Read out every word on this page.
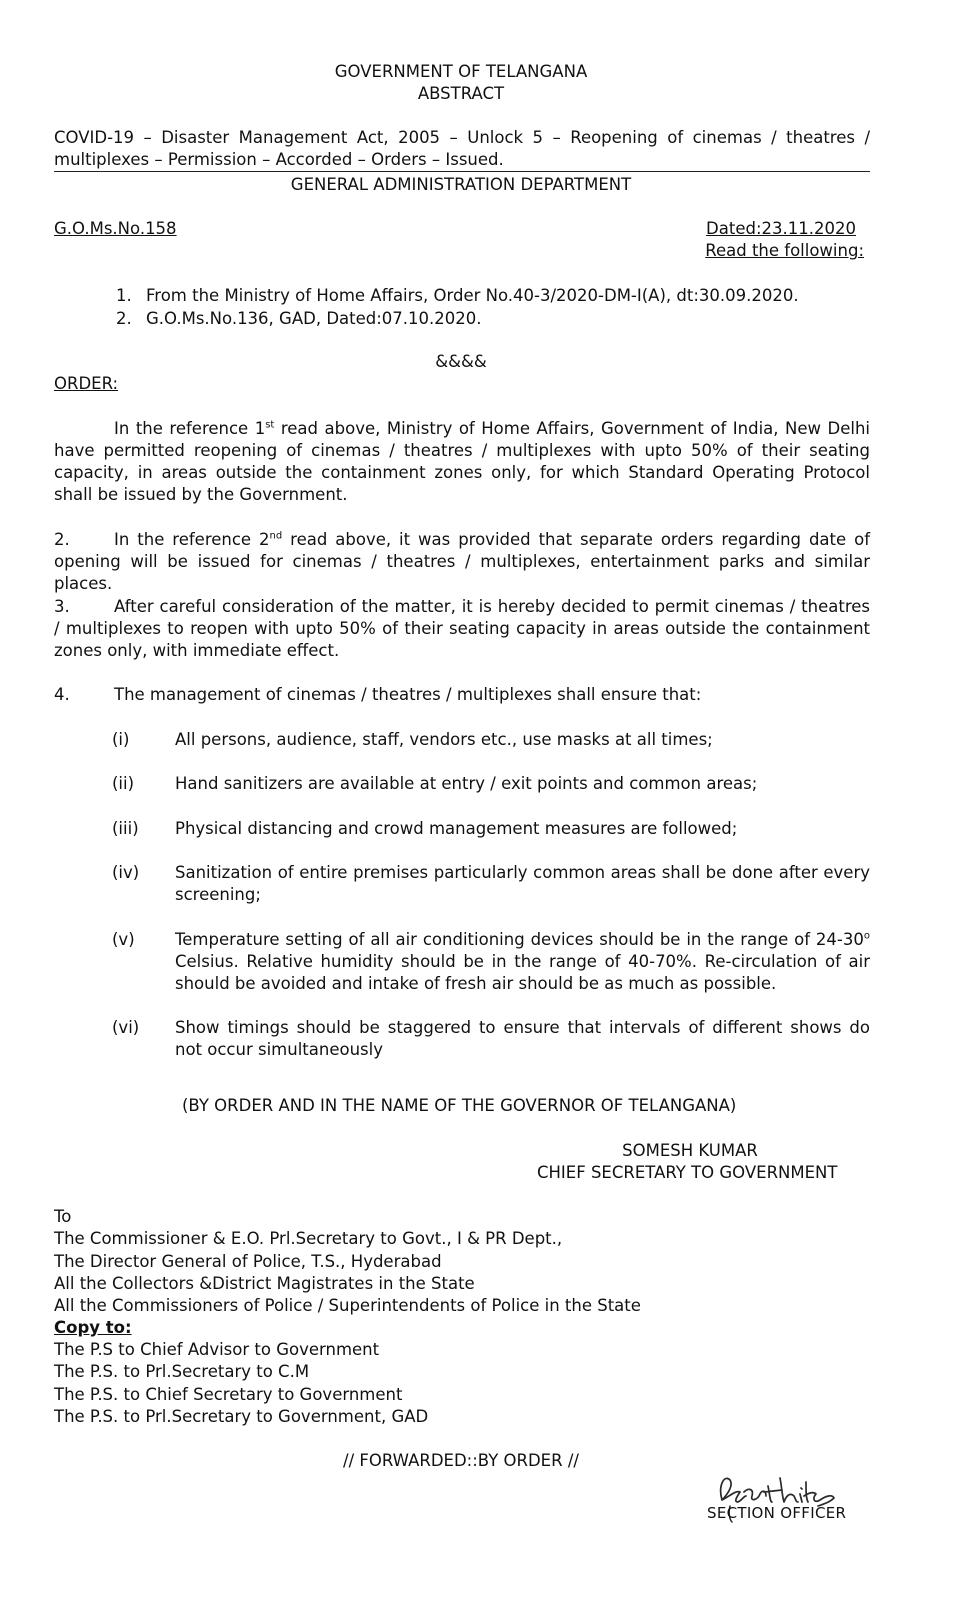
GOVERNMENT OF TELANGANA
ABSTRACT
COVID-19 – Disaster Management Act, 2005 – Unlock 5 – Reopening of cinemas / theatres /
multiplexes – Permission – Accorded – Orders – Issued.
GENERAL ADMINISTRATION DEPARTMENT
G.O.Ms.No.158	Dated:23.11.2020
Read the following:
1. From the Ministry of Home Affairs, Order No.40-3/2020-DM-I(A), dt:30.09.2020.
2. G.O.Ms.No.136, GAD, Dated:07.10.2020.
&&&&
ORDER:
In the reference 1st read above, Ministry of Home Affairs, Government of India, New Delhi have permitted reopening of cinemas / theatres / multiplexes with upto 50% of their seating capacity, in areas outside the containment zones only, for which Standard Operating Protocol shall be issued by the Government.
2.	In the reference 2nd read above, it was provided that separate orders regarding date of opening will be issued for cinemas / theatres / multiplexes, entertainment parks and similar places.
3.	After careful consideration of the matter, it is hereby decided to permit cinemas / theatres / multiplexes to reopen with upto 50% of their seating capacity in areas outside the containment zones only, with immediate effect.
4.	The management of cinemas / theatres / multiplexes shall ensure that:
(i)	All persons, audience, staff, vendors etc., use masks at all times;
(ii) Hand sanitizers are available at entry / exit points and common areas;
(iii) Physical distancing and crowd management measures are followed;
(iv) Sanitization of entire premises particularly common areas shall be done after every screening;
(v) Temperature setting of all air conditioning devices should be in the range of 24-30$^o$ Celsius. Relative humidity should be in the range of 40-70%. Re-circulation of air should be avoided and intake of fresh air should be as much as possible.
(vi) Show timings should be staggered to ensure that intervals of different shows do not occur simultaneously
(BY ORDER AND IN THE NAME OF THE GOVERNOR OF TELANGANA)
SOMESH KUMAR
CHIEF SECRETARY TO GOVERNMENT
To
The Commissioner & E.O. Prl.Secretary to Govt., I & PR Dept.,
The Director General of Police, T.S., Hyderabad
All the Collectors &District Magistrates in the State
All the Commissioners of Police / Superintendents of Police in the State
Copy to:
The P.S to Chief Advisor to Government
The P.S. to Prl.Secretary to C.M
The P.S. to Chief Secretary to Government
The P.S. to Prl.Secretary to Government, GAD
// FORWARDED::BY ORDER //
SECTION OFFICER
